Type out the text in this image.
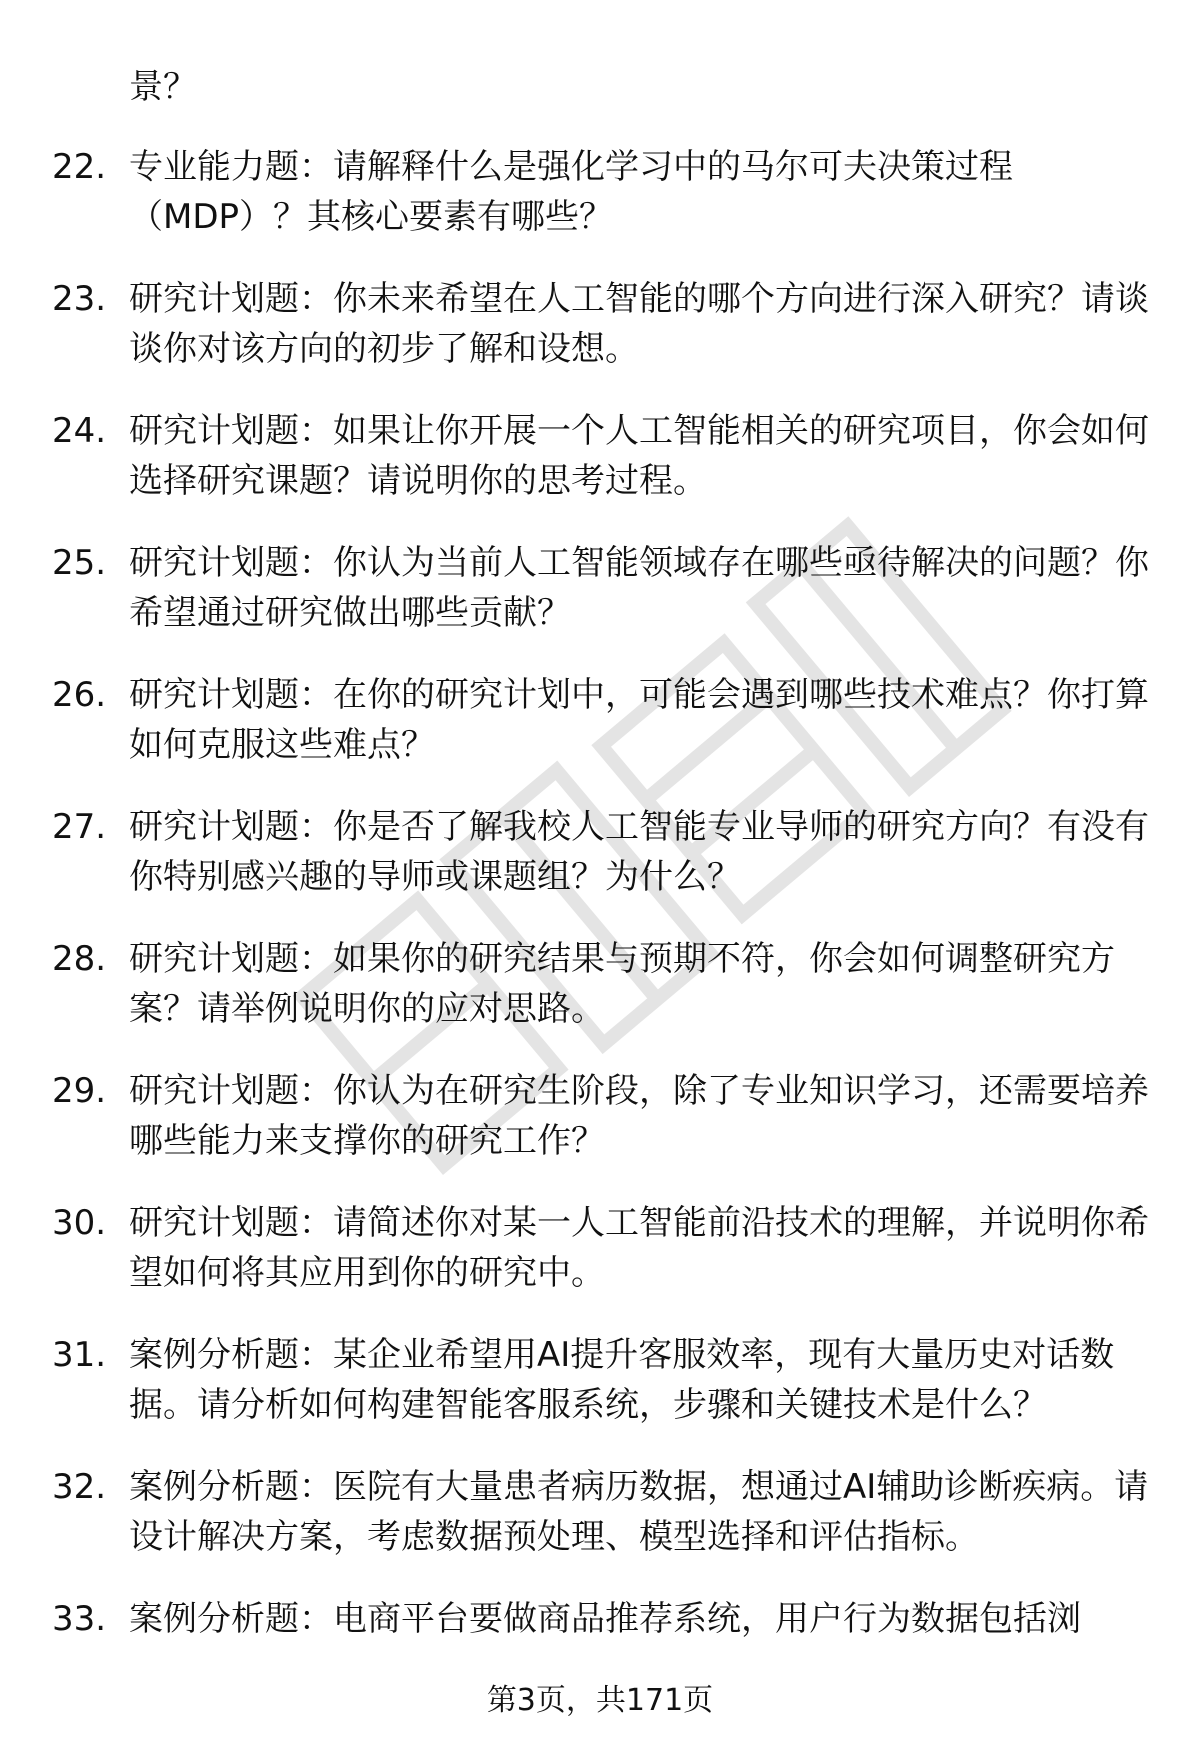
景？
22. 专业能力题：请解释什么是强化学习中的马尔可夫决策过程（MDP）？其核心要素有哪些？
23. 研究计划题：你未来希望在人工智能的哪个方向进行深入研究？请谈谈你对该方向的初步了解和设想。
24. 研究计划题：如果让你开展一个人工智能相关的研究项目，你会如何选择研究课题？请说明你的思考过程。
25. 研究计划题：你认为当前人工智能领域存在哪些亟待解决的问题？你希望通过研究做出哪些贡献？
26. 研究计划题：在你的研究计划中，可能会遇到哪些技术难点？你打算如何克服这些难点？
27. 研究计划题：你是否了解我校人工智能专业导师的研究方向？有没有你特别感兴趣的导师或课题组？为什么？
28. 研究计划题：如果你的研究结果与预期不符，你会如何调整研究方案？请举例说明你的应对思路。
29. 研究计划题：你认为在研究生阶段，除了专业知识学习，还需要培养哪些能力来支撑你的研究工作？
30. 研究计划题：请简述你对某一人工智能前沿技术的理解，并说明你希望如何将其应用到你的研究中。
31. 案例分析题：某企业希望用AI提升客服效率，现有大量历史对话数据。请分析如何构建智能客服系统，步骤和关键技术是什么？
32. 案例分析题：医院有大量患者病历数据，想通过AI辅助诊断疾病。请设计解决方案，考虑数据预处理、模型选择和评估指标。
33. 案例分析题：电商平台要做商品推荐系统，用户行为数据包括浏
第3页，共171页
